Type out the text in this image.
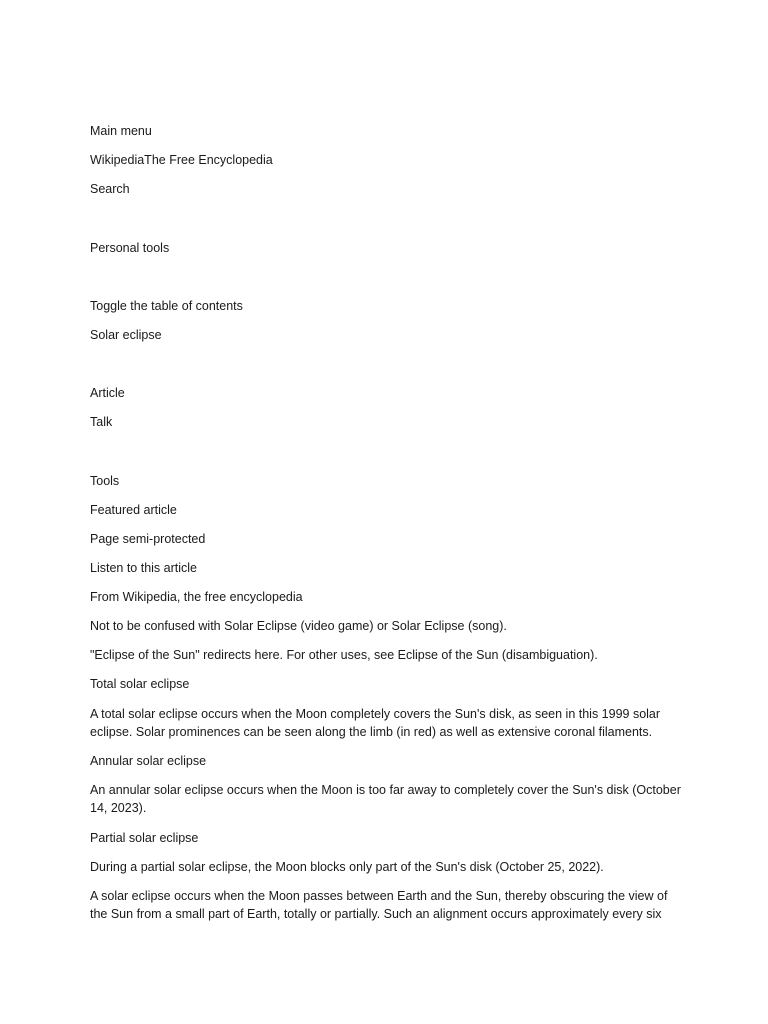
Main menu
WikipediaThe Free Encyclopedia
Search
Personal tools
Toggle the table of contents
Solar eclipse
Article
Talk
Tools
Featured article
Page semi-protected
Listen to this article
From Wikipedia, the free encyclopedia
Not to be confused with Solar Eclipse (video game) or Solar Eclipse (song).
"Eclipse of the Sun" redirects here. For other uses, see Eclipse of the Sun (disambiguation).
Total solar eclipse
A total solar eclipse occurs when the Moon completely covers the Sun's disk, as seen in this 1999 solar eclipse. Solar prominences can be seen along the limb (in red) as well as extensive coronal filaments.
Annular solar eclipse
An annular solar eclipse occurs when the Moon is too far away to completely cover the Sun's disk (October 14, 2023).
Partial solar eclipse
During a partial solar eclipse, the Moon blocks only part of the Sun's disk (October 25, 2022).
A solar eclipse occurs when the Moon passes between Earth and the Sun, thereby obscuring the view of the Sun from a small part of Earth, totally or partially. Such an alignment occurs approximately every six
